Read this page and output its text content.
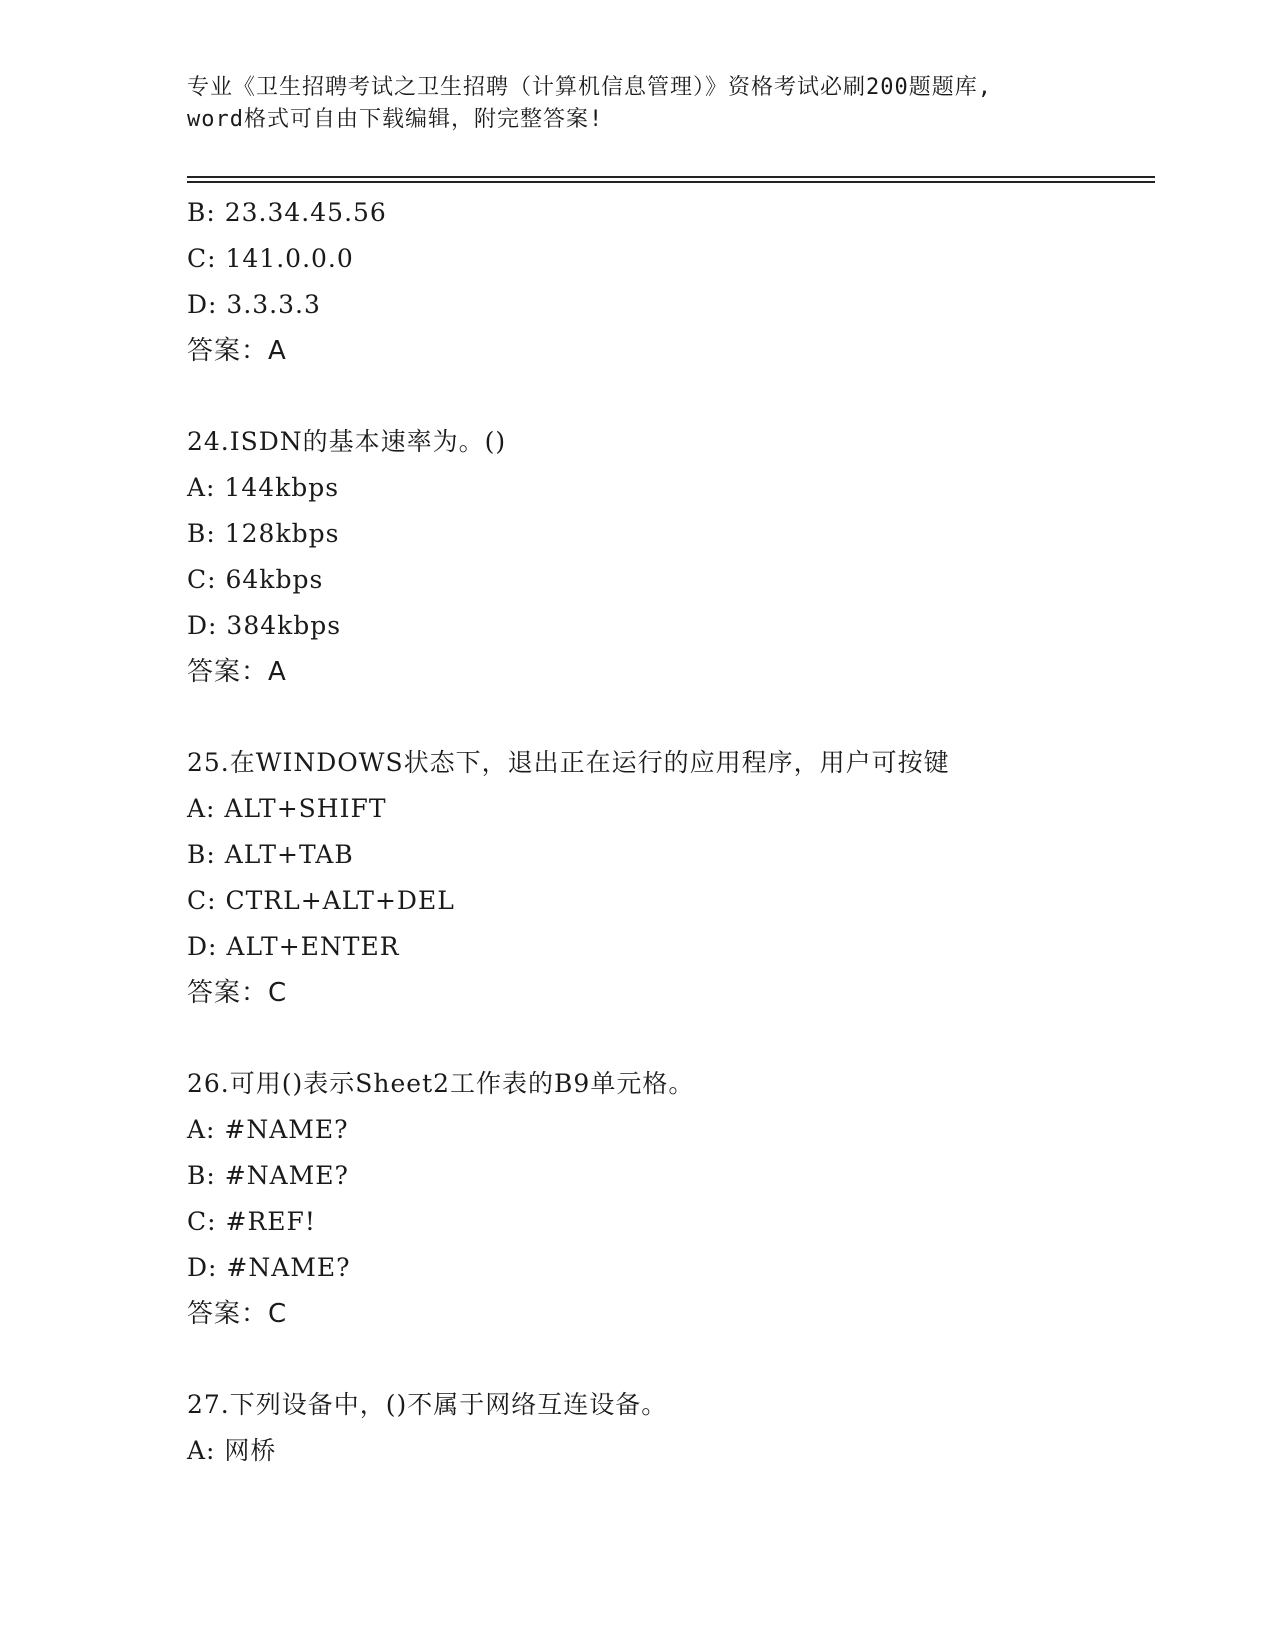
专业《卫生招聘考试之卫生招聘（计算机信息管理）》资格考试必刷200题题库,
word格式可自由下载编辑，附完整答案!
B: 23.34.45.56
C: 141.0.0.0
D: 3.3.3.3
答案：A
24.ISDN的基本速率为。()
A: 144kbps
B: 128kbps
C: 64kbps
D: 384kbps
答案：A
25.在WINDOWS状态下，退出正在运行的应用程序，用户可按键
A: ALT+SHIFT
B: ALT+TAB
C: CTRL+ALT+DEL
D: ALT+ENTER
答案：C
26.可用()表示Sheet2工作表的B9单元格。
A: #NAME?
B: #NAME?
C: #REF!
D: #NAME?
答案：C
27.下列设备中，()不属于网络互连设备。
A: 网桥
